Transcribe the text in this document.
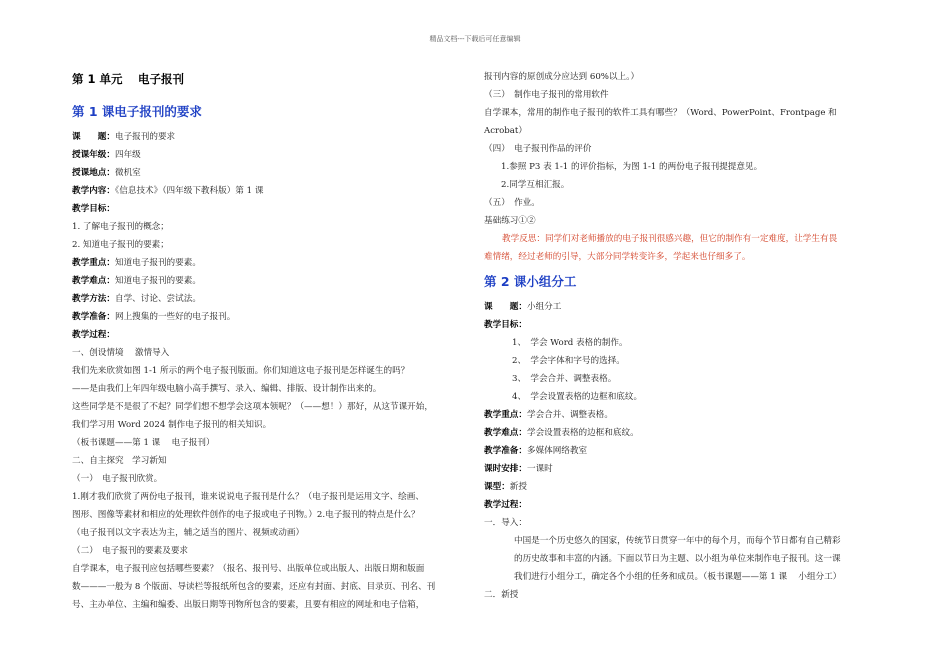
精品文档---下载后可任意编辑
第 1 单元　 电子报刊
第 1 课电子报刊的要求
课　　题：电子报刊的要求
授课年级：四年级
授课地点：微机室
教学内容：《信息技术》（四年级下教科版）第 1 课
教学目标：
1. 了解电子报刊的概念；
2. 知道电子报刊的要素；
教学重点：知道电子报刊的要素。
教学难点：知道电子报刊的要素。
教学方法：自学、讨论、尝试法。
教学准备：网上搜集的一些好的电子报刊。
教学过程：
一、创设情境　 激情导入
我们先来欣赏如图 1-1 所示的两个电子报刊版面。你们知道这电子报刊是怎样诞生的吗？
——是由我们上年四年级电脑小高手撰写、录入、编辑、排版、设计制作出来的。
这些同学是不是很了不起？同学们想不想学会这项本领呢？（——想！）那好，从这节课开始，
我们学习用 Word 2024 制作电子报刊的相关知识。
（板书课题——第 1 课　 电子报刊）
二、自主探究　学习新知
（一）　电子报刊欣赏。
1.刚才我们欣赏了两份电子报刊，谁来说说电子报刊是什么？（电子报刊是运用文字、绘画、
图形、图像等素材和相应的处理软件创作的电子报或电子刊物。）2.电子报刊的特点是什么？
（电子报刊以文字表达为主，辅之适当的图片、视频或动画）
（二）　电子报刊的要素及要求
自学课本，电子报刊应包括哪些要素？（报名、报刊号、出版单位或出版人、出版日期和版面
数———一般为 8 个版面、导读栏等报纸所包含的要素，还应有封面、封底、目录页、刊名、刊
号、主办单位、主编和编委、出版日期等刊物所包含的要素，且要有相应的网址和电子信箱，
报刊内容的原创成分应达到 60%以上。）
（三）　制作电子报刊的常用软件
自学课本，常用的制作电子报刊的软件工具有哪些？（Word、PowerPoint、Frontpage 和
Acrobat）
（四）　电子报刊作品的评价
1.参照 P3 表 1-1 的评价指标，为图 1-1 的两份电子报刊提提意见。
2.同学互相汇报。
（五）　作业。
基础练习①②
教学反思：同学们对老师播放的电子报刊很感兴趣，但它的制作有一定难度，让学生有畏
难情绪，经过老师的引导，大部分同学转变许多，学起来也仔细多了。
第 2 课小组分工
课　　题：小组分工
教学目标：
1、　学会 Word 表格的制作。
2、　学会字体和字号的选择。
3、　学会合并、调整表格。
4、　学会设置表格的边框和底纹。
教学重点：学会合并、调整表格。
教学难点：学会设置表格的边框和底纹。
教学准备：多媒体网络教室
课时安排：一课时
课型：新授
教学过程：
一．导入：
中国是一个历史悠久的国家，传统节日贯穿一年中的每个月，而每个节日都有自己精彩
的历史故事和丰富的内涵。下面以节日为主题、以小组为单位来制作电子报刊。这一课
我们进行小组分工，确定各个小组的任务和成员。（板书课题——第 1 课　 小组分工）
二．新授
